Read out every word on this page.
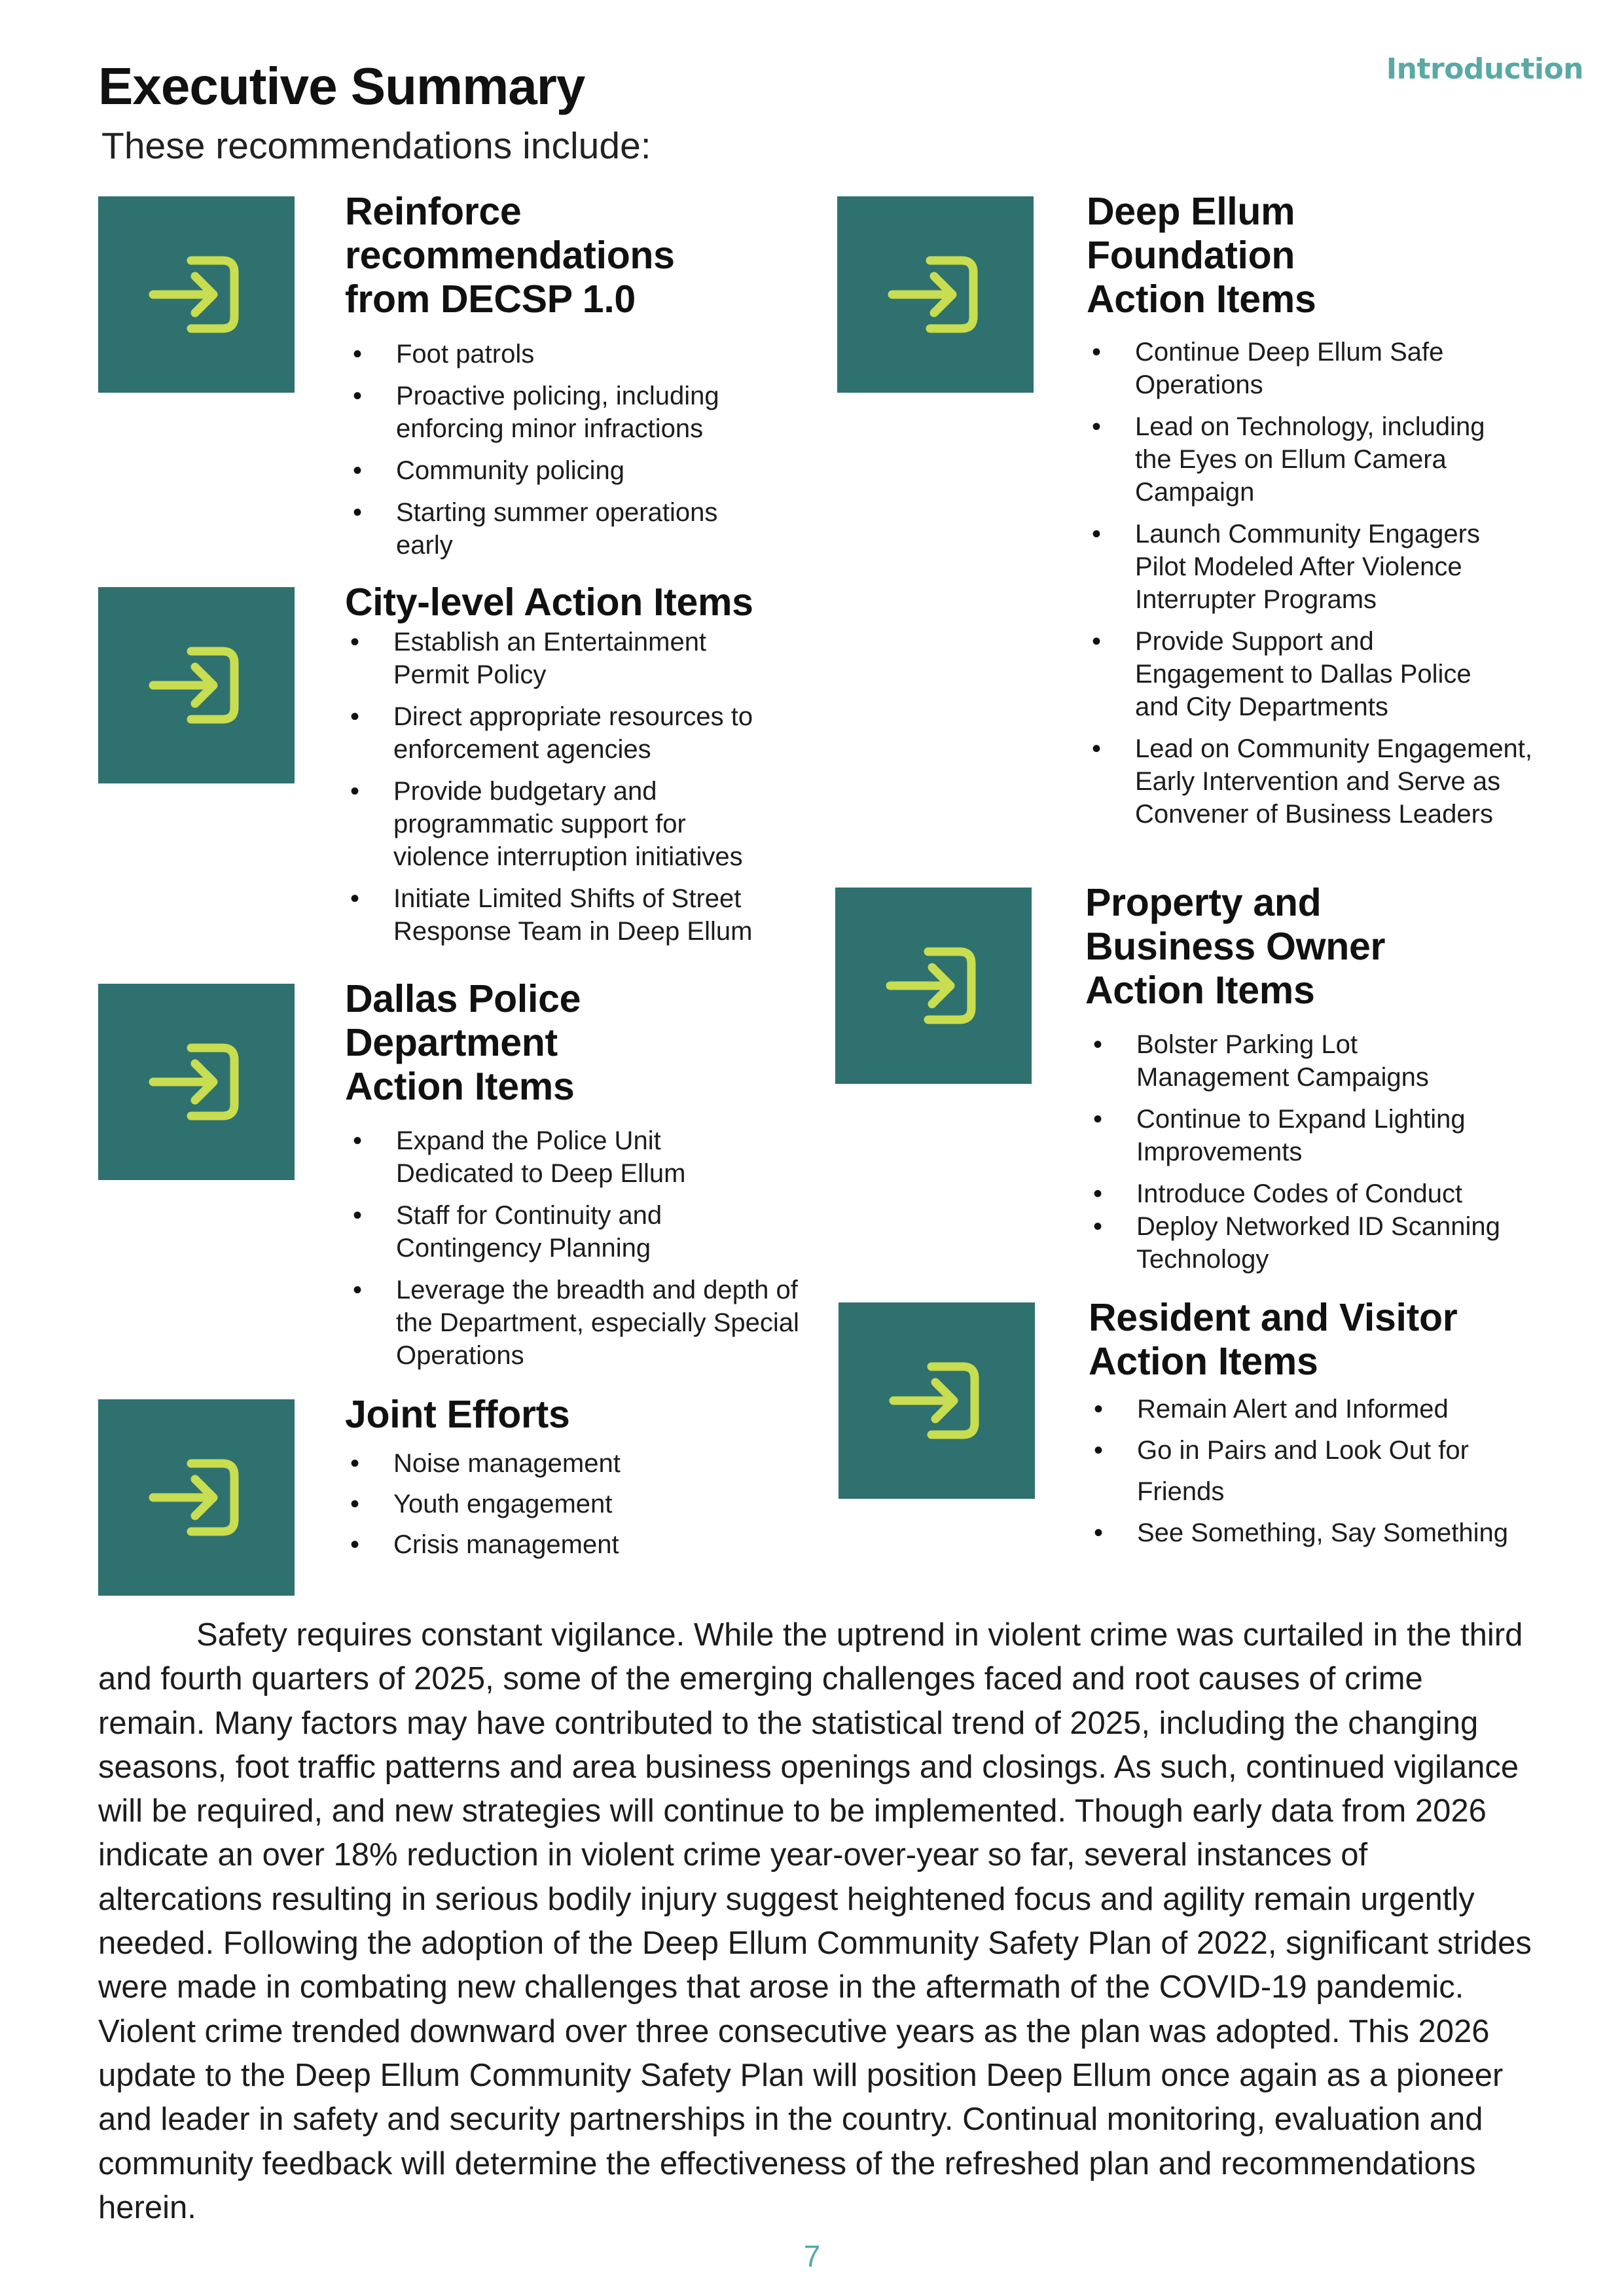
Introduction
Executive Summary
These recommendations include:
Reinforce
recommendations
from DECSP 1.0
• Foot patrols
• Proactive policing, including enforcing minor infractions
• Community policing
• Starting summer operations early
City-level Action Items
• Establish an Entertainment Permit Policy
• Direct appropriate resources to enforcement agencies
• Provide budgetary and programmatic support for violence interruption initiatives
• Initiate Limited Shifts of Street Response Team in Deep Ellum
Dallas Police
Department
Action Items
• Expand the Police Unit Dedicated to Deep Ellum
• Staff for Continuity and Contingency Planning
• Leverage the breadth and depth of the Department, especially Special Operations
Joint Efforts
• Noise management
• Youth engagement
• Crisis management
Deep Ellum
Foundation
Action Items
• Continue Deep Ellum Safe Operations
• Lead on Technology, including the Eyes on Ellum Camera Campaign
• Launch Community Engagers Pilot Modeled After Violence Interrupter Programs
• Provide Support and Engagement to Dallas Police and City Departments
• Lead on Community Engagement, Early Intervention and Serve as Convener of Business Leaders
Property and
Business Owner
Action Items
• Bolster Parking Lot Management Campaigns
• Continue to Expand Lighting Improvements
• Introduce Codes of Conduct
• Deploy Networked ID Scanning Technology
Resident and Visitor
Action Items
• Remain Alert and Informed
• Go in Pairs and Look Out for Friends
• See Something, Say Something

Safety requires constant vigilance. While the uptrend in violent crime was curtailed in the third and fourth quarters of 2025, some of the emerging challenges faced and root causes of crime remain. Many factors may have contributed to the statistical trend of 2025, including the changing seasons, foot traffic patterns and area business openings and closings. As such, continued vigilance will be required, and new strategies will continue to be implemented. Though early data from 2026 indicate an over 18% reduction in violent crime year-over-year so far, several instances of altercations resulting in serious bodily injury suggest heightened focus and agility remain urgently needed. Following the adoption of the Deep Ellum Community Safety Plan of 2022, significant strides were made in combating new challenges that arose in the aftermath of the COVID-19 pandemic. Violent crime trended downward over three consecutive years as the plan was adopted. This 2026 update to the Deep Ellum Community Safety Plan will position Deep Ellum once again as a pioneer and leader in safety and security partnerships in the country. Continual monitoring, evaluation and community feedback will determine the effectiveness of the refreshed plan and recommendations herein.

7
